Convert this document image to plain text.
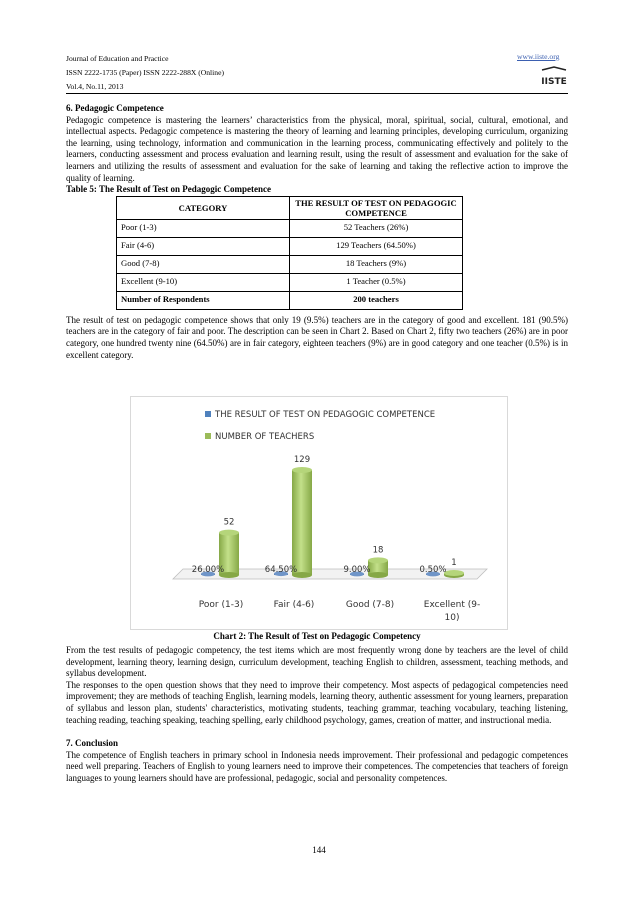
Journal of Education and Practice
ISSN 2222-1735 (Paper) ISSN 2222-288X (Online)
Vol.4, No.11, 2013
www.iiste.org
IISTE

6. Pedagogic Competence

Pedagogic competence is mastering the learners’ characteristics from the physical, moral, spiritual, social, cultural, emotional, and intellectual aspects. Pedagogic competence is mastering the theory of learning and learning principles, developing curriculum, organizing the learning, using technology, information and communication in the learning process, communicating effectively and politely to the learners, conducting assessment and process evaluation and learning result, using the result of assessment and evaluation for the sake of learners and utilizing the results of assessment and evaluation for the sake of learning and taking the reflective action to improve the quality of learning.

Table 5: The Result of Test on Pedagogic Competence

CATEGORY	THE RESULT OF TEST ON PEDAGOGIC COMPETENCE
Poor (1-3)	52 Teachers (26%)
Fair (4-6)	129 Teachers (64.50%)
Good (7-8)	18 Teachers (9%)
Excellent (9-10)	1 Teacher (0.5%)
Number of Respondents	200 teachers

The result of test on pedagogic competence shows that only 19 (9.5%) teachers are in the category of good and excellent. 181 (90.5%) teachers are in the category of fair and poor. The description can be seen in Chart 2. Based on Chart 2, fifty two teachers (26%) are in poor category, one hundred twenty nine (64.50%) are in fair category, eighteen teachers (9%) are in good category and one teacher (0.5%) is in excellent category.

THE RESULT OF TEST ON PEDAGOGIC COMPETENCE
NUMBER OF TEACHERS
52
26.00%
Poor (1-3)
129
64.50%
Fair (4-6)
18
9.00%
Good (7-8)
1
0.50%
Excellent (9-
10)
Chart 2: The Result of Test on Pedagogic Competency

From the test results of pedagogic competency, the test items which are most frequently wrong done by teachers are the level of child development, learning theory, learning design, curriculum development, teaching English to children, assessment, teaching methods, and syllabus development.

The responses to the open question shows that they need to improve their competency. Most aspects of pedagogical competencies need improvement; they are methods of teaching English, learning models, learning theory, authentic assessment for young learners, preparation of syllabus and lesson plan, students' characteristics, motivating students, teaching grammar, teaching vocabulary, teaching listening, teaching reading, teaching speaking, teaching spelling, early childhood psychology, games, creation of matter, and instructional media.

7. Conclusion

The competence of English teachers in primary school in Indonesia needs improvement. Their professional and pedagogic competences need well preparing. Teachers of English to young learners need to improve their competences. The competencies that teachers of foreign languages to young learners should have are professional, pedagogic, social and personality competences.

144
